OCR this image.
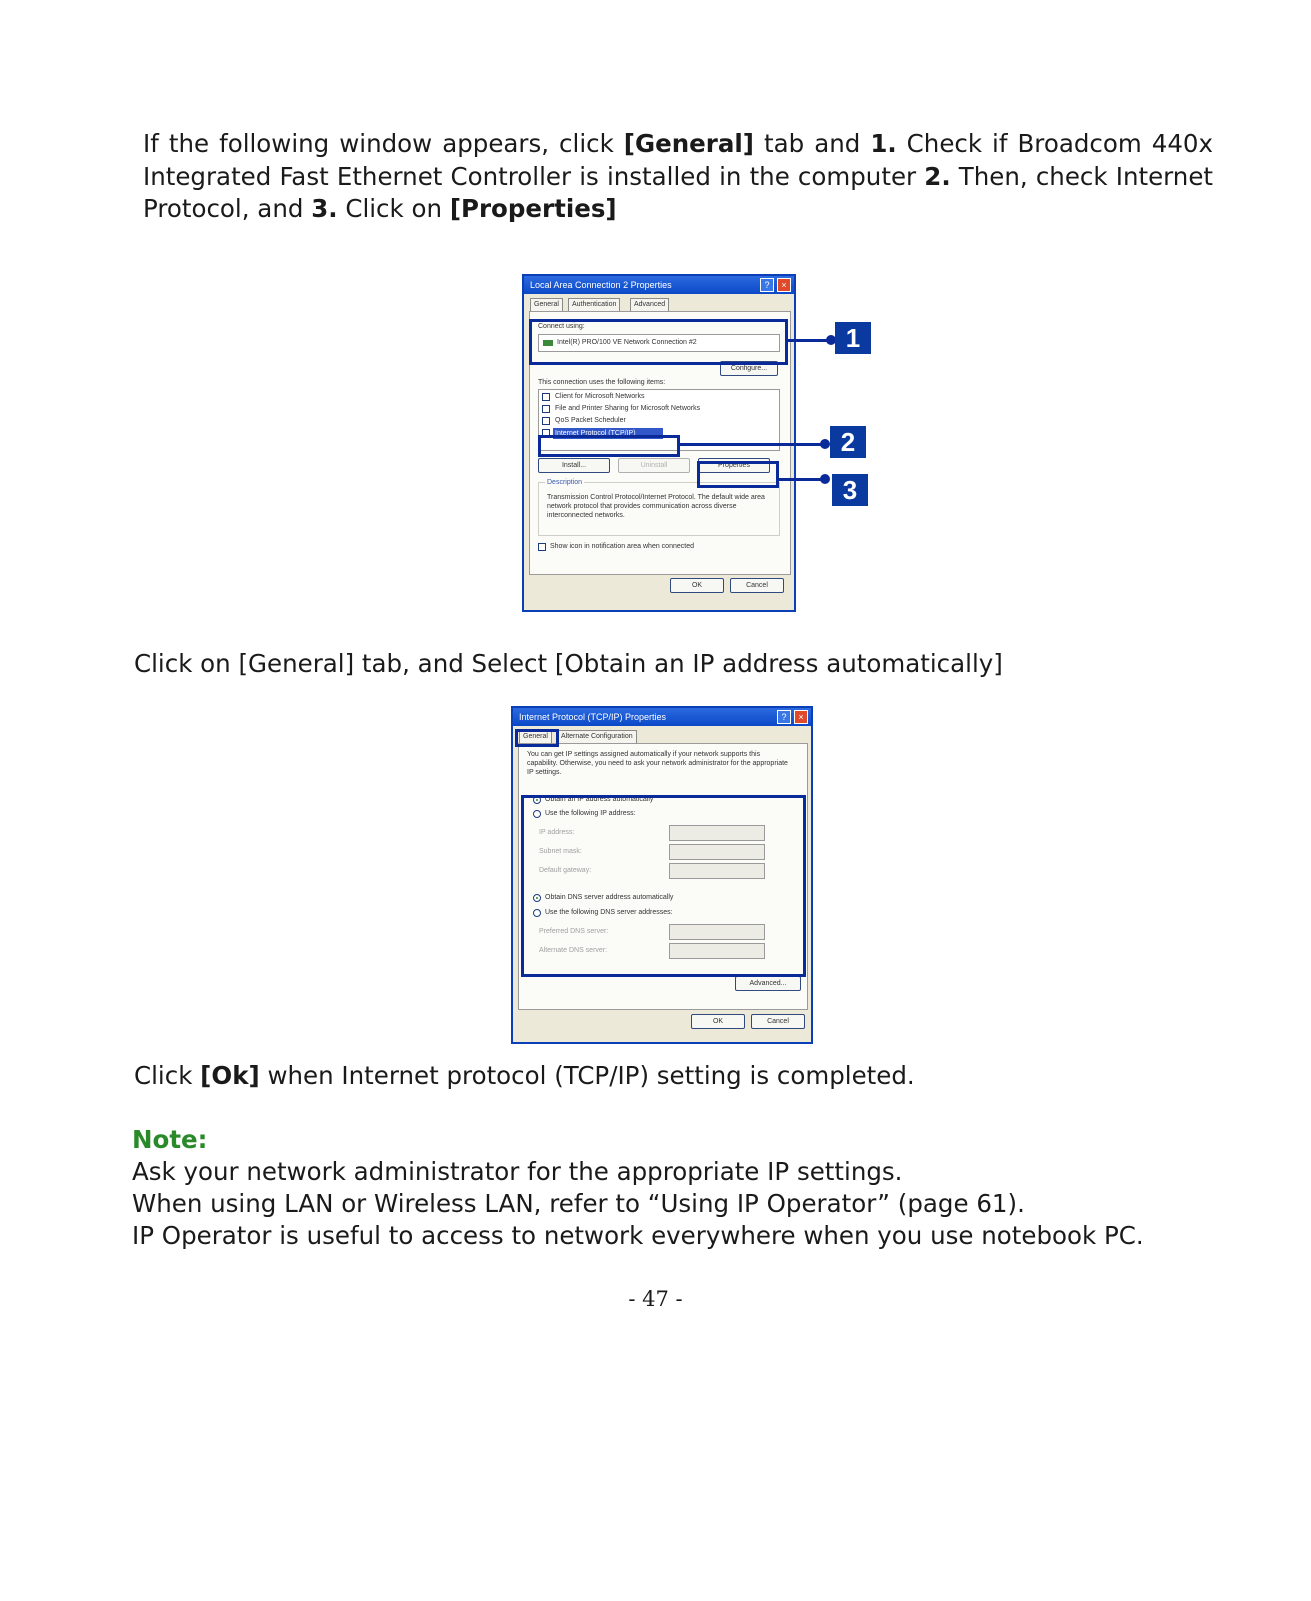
If the following window appears, click [General] tab and 1. Check if Broadcom 440x Integrated Fast Ethernet Controller is installed in the computer 2. Then, check Internet Protocol, and 3. Click on [Properties]

Local Area Connection 2 Properties	?	×
General	Authentication	Advanced
Connect using:
Intel(R) PRO/100 VE Network Connection #2
Configure...
This connection uses the following items:
Client for Microsoft Networks
File and Printer Sharing for Microsoft Networks
QoS Packet Scheduler
Internet Protocol (TCP/IP)
Install...	Uninstall	Properties
Description
Transmission Control Protocol/Internet Protocol. The default wide area network protocol that provides communication across diverse interconnected networks.
Show icon in notification area when connected
OK	Cancel
1
2
3

Click on [General] tab, and Select [Obtain an IP address automatically]

Internet Protocol (TCP/IP) Properties	?	×
General	Alternate Configuration
You can get IP settings assigned automatically if your network supports this capability. Otherwise, you need to ask your network administrator for the appropriate IP settings.
Obtain an IP address automatically
Use the following IP address:
IP address:
Subnet mask:
Default gateway:
Obtain DNS server address automatically
Use the following DNS server addresses:
Preferred DNS server:
Alternate DNS server:
Advanced...
OK	Cancel

Click [Ok] when Internet protocol (TCP/IP) setting is completed.

Note:

Ask your network administrator for the appropriate IP settings.

When using LAN or Wireless LAN, refer to “Using IP Operator” (page 61).

IP Operator is useful to access to network everywhere when you use notebook PC.

- 47 -
